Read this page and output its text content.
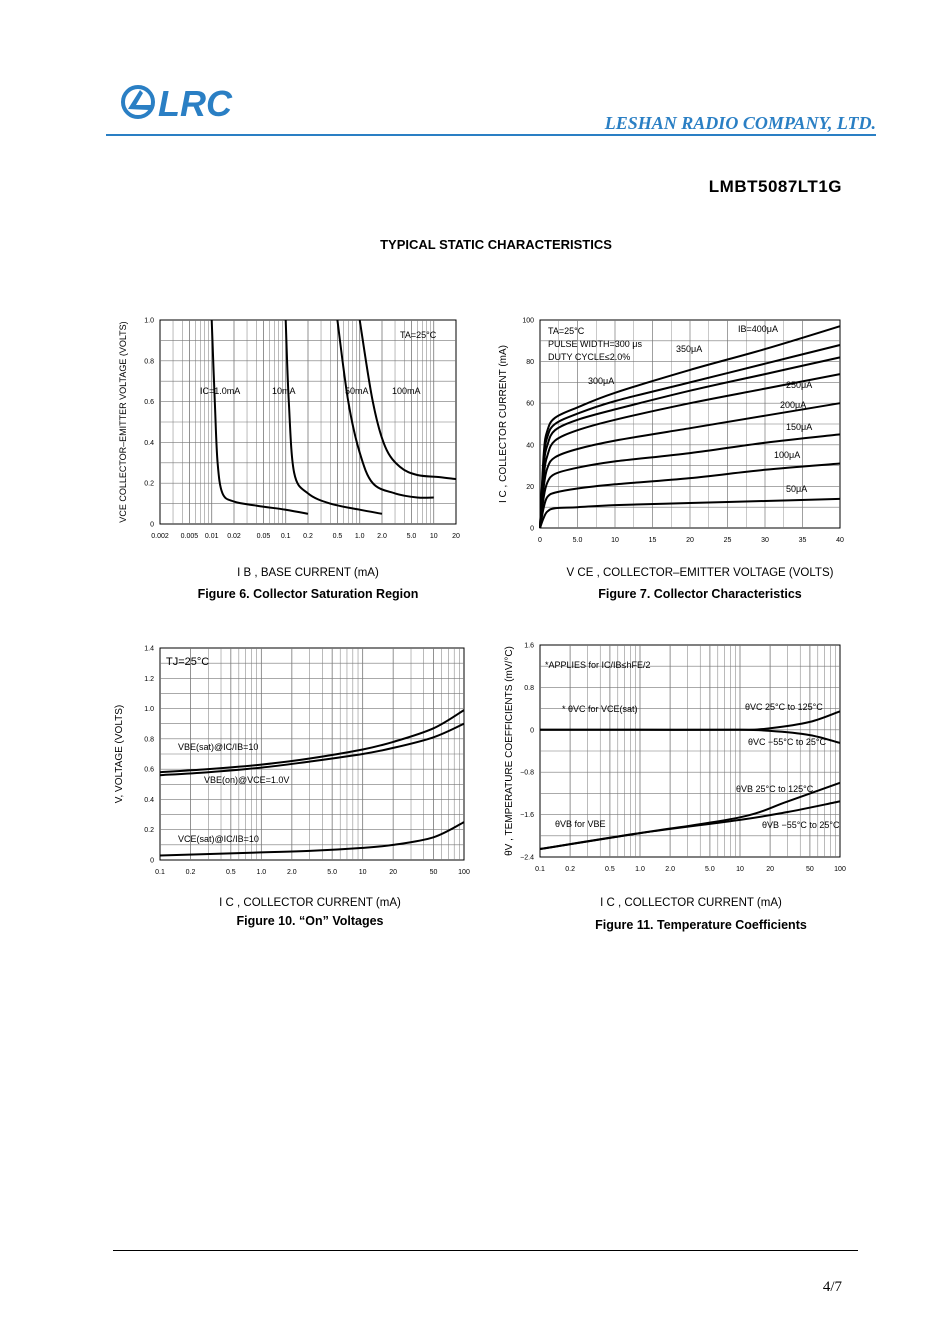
LRC	LESHAN RADIO COMPANY, LTD.
LMBT5087LT1G
TYPICAL STATIC CHARACTERISTICS
I B , BASE CURRENT (mA)
Figure 6. Collector Saturation Region
V CE , COLLECTOR–EMITTER VOLTAGE (VOLTS)
Figure 7. Collector Characteristics
I C , COLLECTOR CURRENT (mA)
Figure 10. “On” Voltages
I C , COLLECTOR CURRENT (mA)
Figure 11. Temperature Coefficients
0.002 0.005 0.01 0.02 0.05 0.1 0.2	0.5 1.0 2.0	5.0 10 20
0
0.2
0.4
0.6
0.8
1.0
VCE COLLECTOR–EMITTER VOLTAGE (VOLTS)
0	5.0	10	15	20	25	30	35	40
0
20
40
60
80
100
I C , COLLECTOR CURRENT (mA)
0.1	0.2	0.5	1.0	2.0	5.0	10	20	50	100
0
0.2
0.4
0.6
0.8
1.0
1.2
1.4
V, VOLTAGE (VOLTS)
0.1	0.2	0.5	1.0	2.0	5.0	10	20	50	100
1.6
0.8
0
−0.8
−1.6
−2.4
θV , TEMPERATURE COEFFICIENTS (mV/°C)
TA=25°C
IC=1.0mA	10mA	50mA	100mA
TA=25°C
PULSE WIDTH=300 μs
DUTY CYCLE≤2.0%
IB=400μA
350μA
300μA	250μA
200μA
150μA
100μA
50μA
TJ=25°C
VBE(sat)@IC/IB=10
VBE(on)@VCE=1.0V
VCE(sat)@IC/IB=10
*APPLIES for IC/IB≤hFE/2
* θVC for VCE(sat)
θVB for VBE
θVC 25°C to 125°C
θVC −55°C to 25°C
θVB 25°C to 125°C
θVB −55°C to 25°C
4/7
